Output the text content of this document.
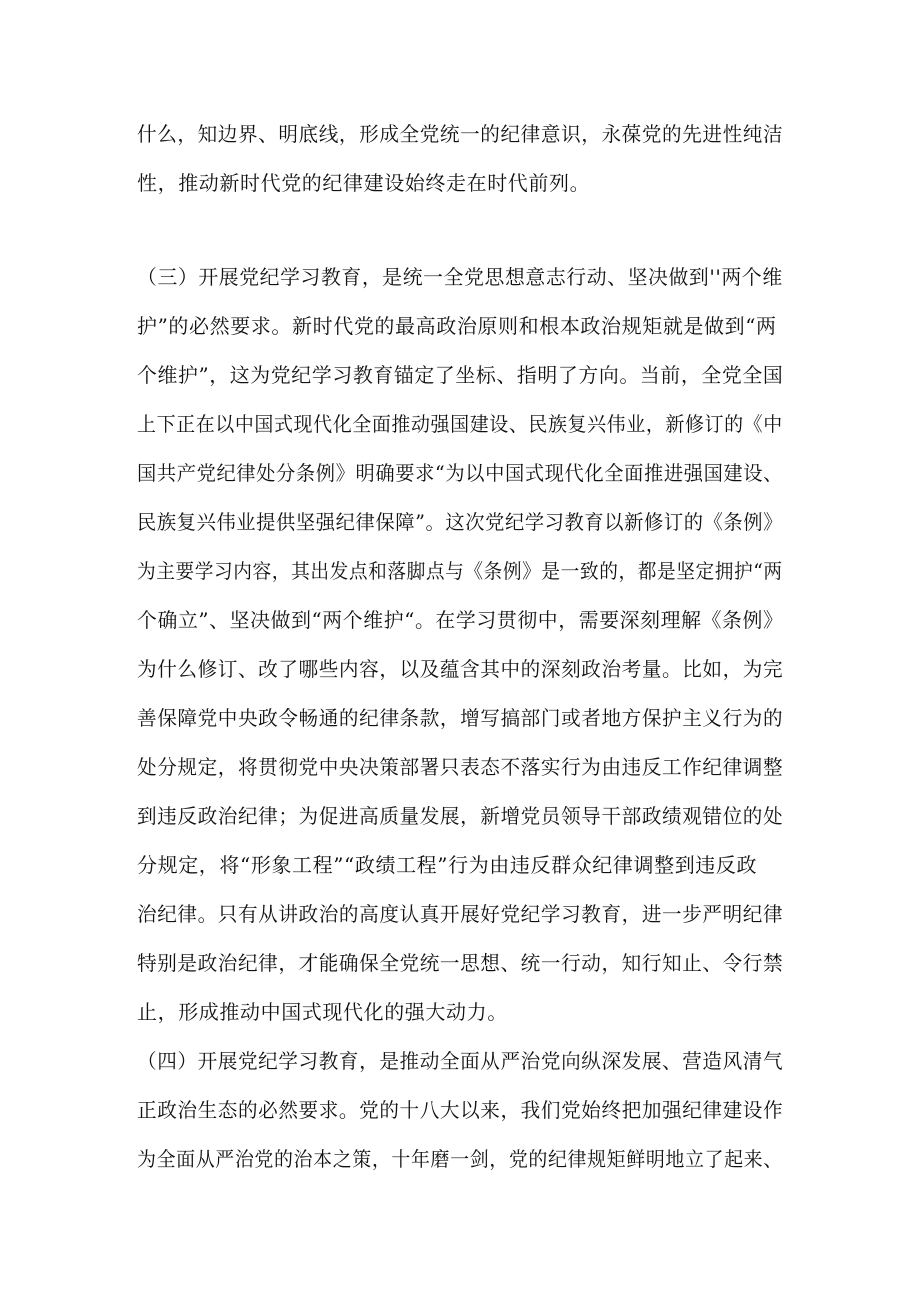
什么，知边界、明底线，形成全党统一的纪律意识，永葆党的先进性纯洁
性，推动新时代党的纪律建设始终走在时代前列。
（三）开展党纪学习教育，是统一全党思想意志行动、坚决做到''两个维
护”的必然要求。新时代党的最高政治原则和根本政治规矩就是做到“两
个维护”，这为党纪学习教育锚定了坐标、指明了方向。当前，全党全国
上下正在以中国式现代化全面推动强国建设、民族复兴伟业，新修订的《中
国共产党纪律处分条例》明确要求“为以中国式现代化全面推进强国建设、
民族复兴伟业提供坚强纪律保障”。这次党纪学习教育以新修订的《条例》
为主要学习内容，其出发点和落脚点与《条例》是一致的，都是坚定拥护“两
个确立”、坚决做到“两个维护“。在学习贯彻中，需要深刻理解《条例》
为什么修订、改了哪些内容，以及蕴含其中的深刻政治考量。比如，为完
善保障党中央政令畅通的纪律条款，增写搞部门或者地方保护主义行为的
处分规定，将贯彻党中央决策部署只表态不落实行为由违反工作纪律调整
到违反政治纪律；为促进高质量发展，新增党员领导干部政绩观错位的处
分规定，将“形象工程”“政绩工程”行为由违反群众纪律调整到违反政
治纪律。只有从讲政治的高度认真开展好党纪学习教育，进一步严明纪律
特别是政治纪律，才能确保全党统一思想、统一行动，知行知止、令行禁
止，形成推动中国式现代化的强大动力。
（四）开展党纪学习教育，是推动全面从严治党向纵深发展、营造风清气
正政治生态的必然要求。党的十八大以来，我们党始终把加强纪律建设作
为全面从严治党的治本之策，十年磨一剑，党的纪律规矩鲜明地立了起来、
